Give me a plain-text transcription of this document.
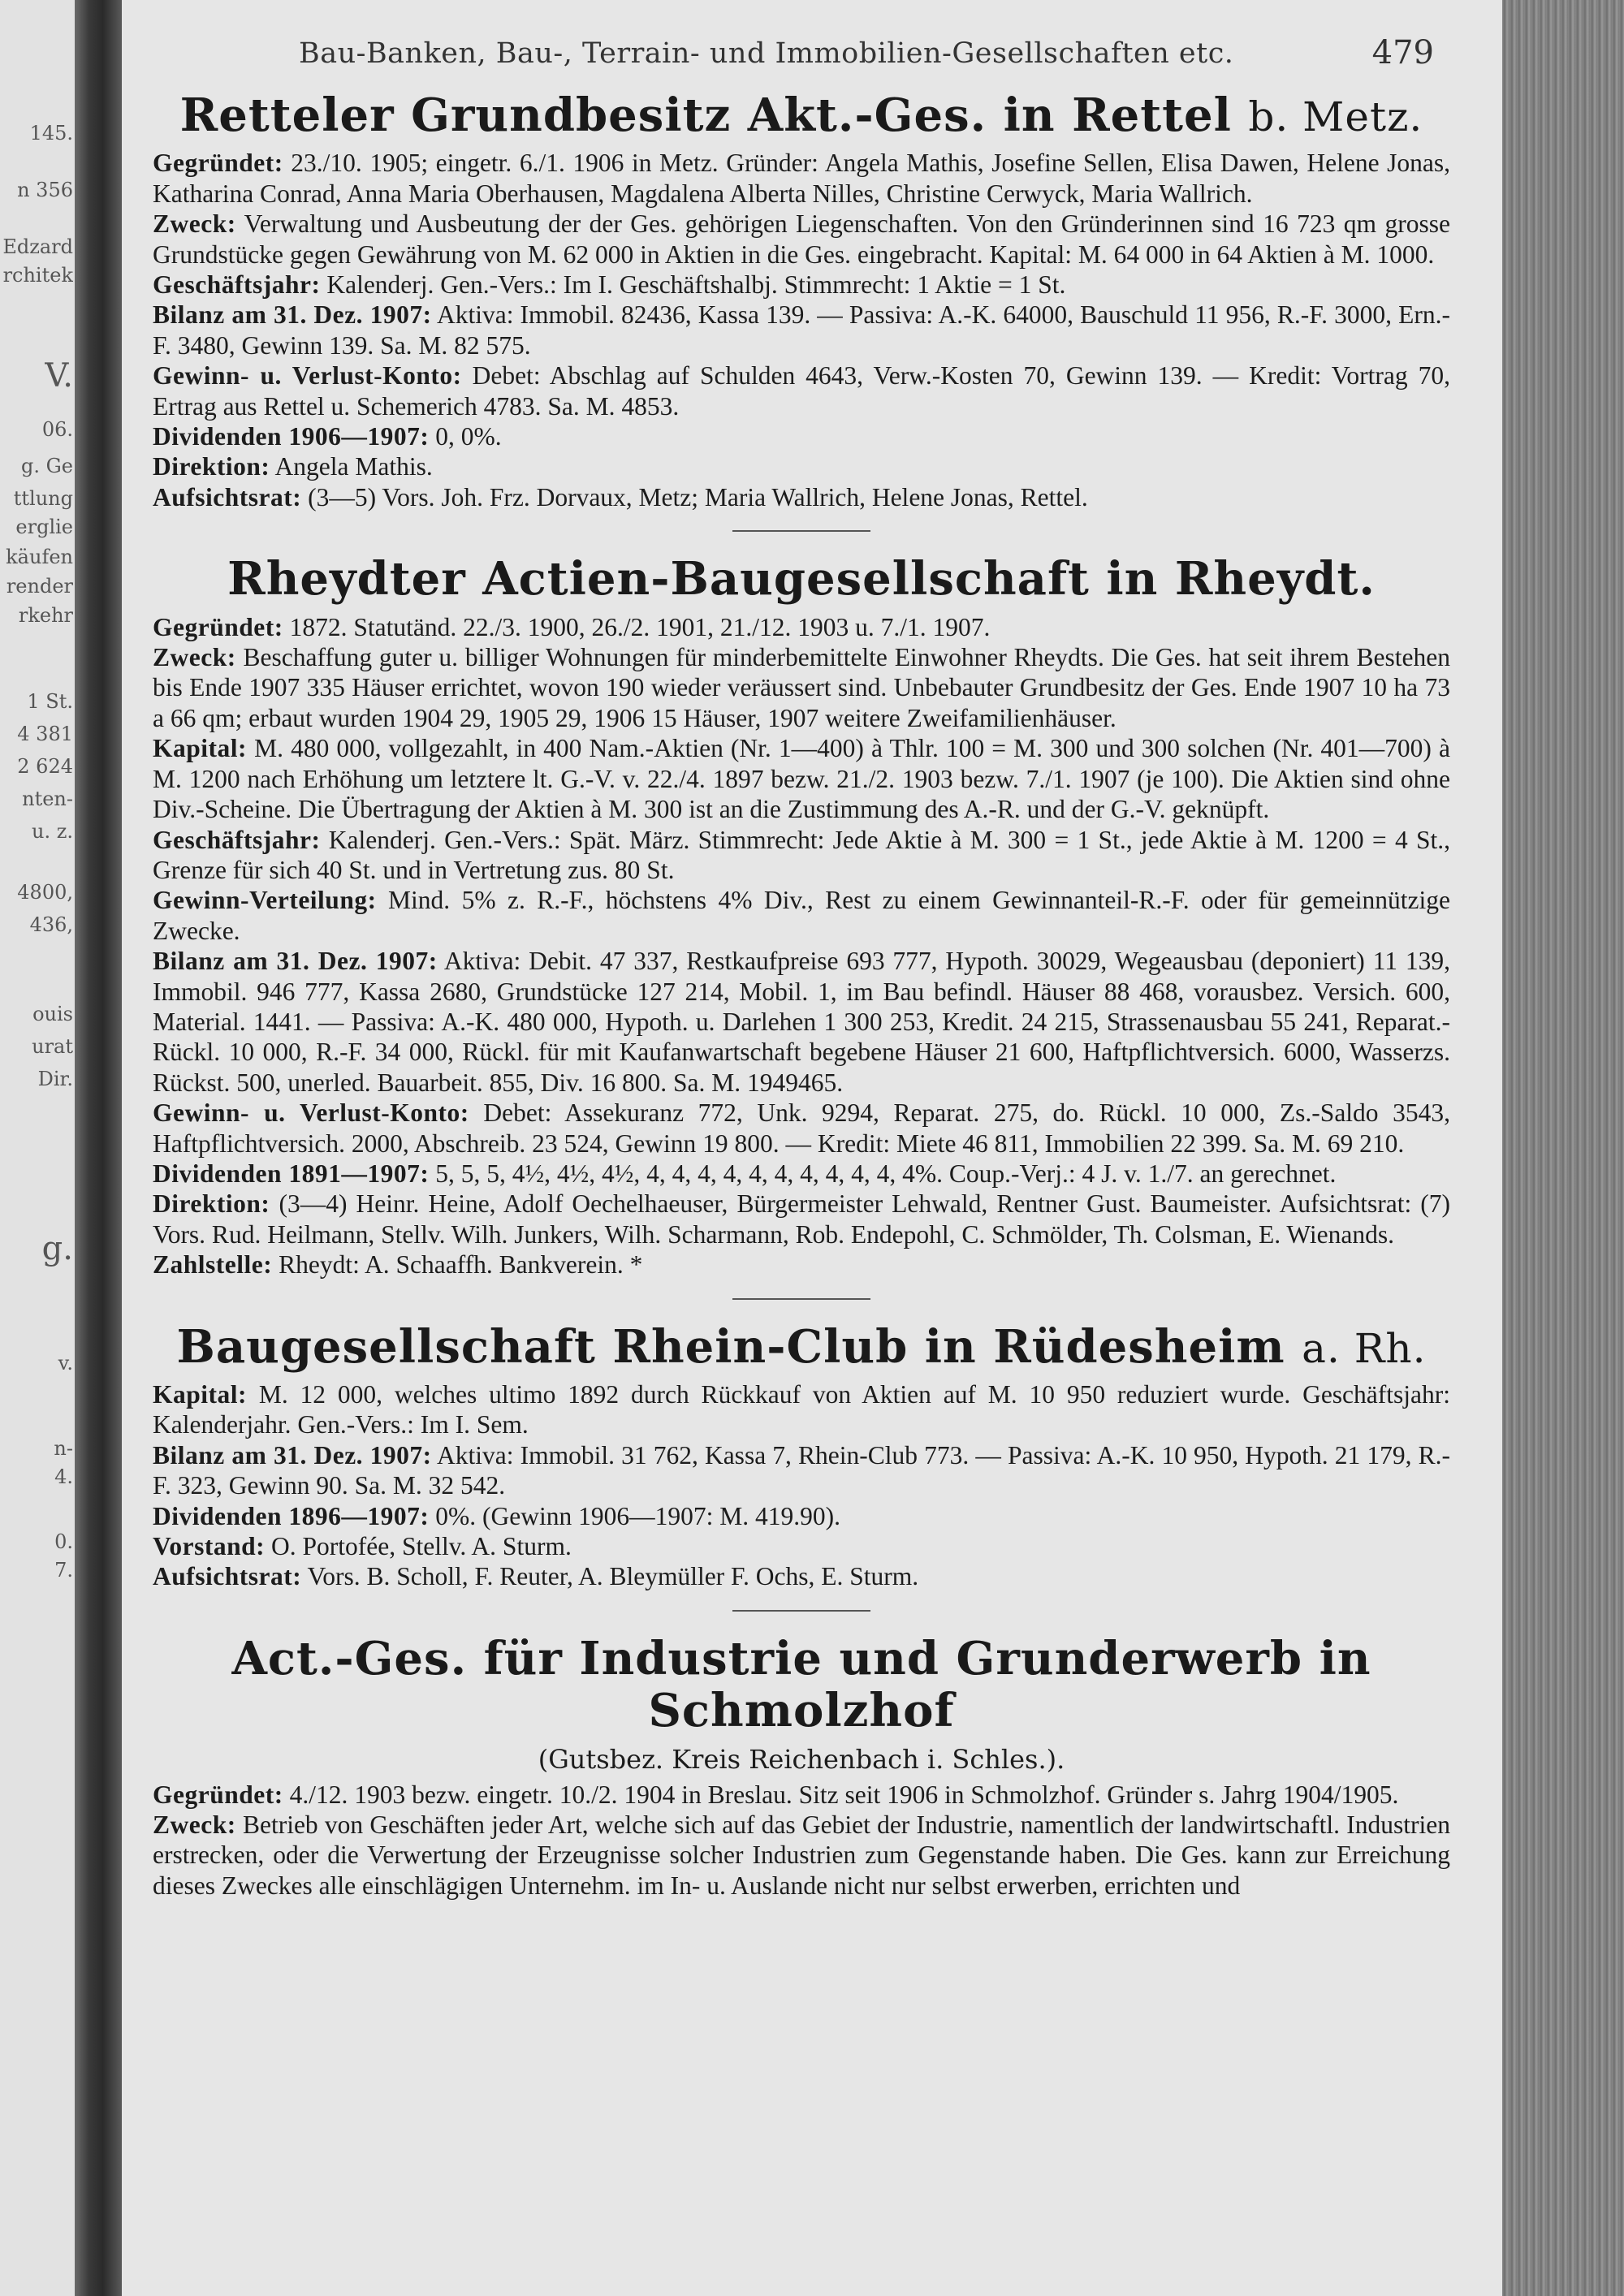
145.
n 356
Edzard
rchitek
V.
06.
g. Ge
ttlung
erglie
käufen
render
rkehr
1 St.
4 381
2 624
nten-
u. z.
4800,
436,
ouis
urat
Dir.
g.
v.
n-
4.
0.
7.
Bau-Banken, Bau-, Terrain- und Immobilien-Gesellschaften etc.	479
Retteler Grundbesitz Akt.-Ges. in Rettel b. Metz.

Gegründet: 23./10. 1905; eingetr. 6./1. 1906 in Metz. Gründer: Angela Mathis, Josefine Sellen, Elisa Dawen, Helene Jonas, Katharina Conrad, Anna Maria Oberhausen, Magdalena Alberta Nilles, Christine Cerwyck, Maria Wallrich.

Zweck: Verwaltung und Ausbeutung der der Ges. gehörigen Liegenschaften. Von den Gründerinnen sind 16 723 qm grosse Grundstücke gegen Gewährung von M. 62 000 in Aktien in die Ges. eingebracht. Kapital: M. 64 000 in 64 Aktien à M. 1000.

Geschäftsjahr: Kalenderj. Gen.-Vers.: Im I. Geschäftshalbj. Stimmrecht: 1 Aktie = 1 St.

Bilanz am 31. Dez. 1907: Aktiva: Immobil. 82436, Kassa 139. — Passiva: A.-K. 64000, Bauschuld 11 956, R.-F. 3000, Ern.-F. 3480, Gewinn 139. Sa. M. 82 575.

Gewinn- u. Verlust-Konto: Debet: Abschlag auf Schulden 4643, Verw.-Kosten 70, Gewinn 139. — Kredit: Vortrag 70, Ertrag aus Rettel u. Schemerich 4783. Sa. M. 4853.

Dividenden 1906—1907: 0, 0%.

Direktion: Angela Mathis.

Aufsichtsrat: (3—5) Vors. Joh. Frz. Dorvaux, Metz; Maria Wallrich, Helene Jonas, Rettel.

Rheydter Actien-Baugesellschaft in Rheydt.

Gegründet: 1872. Statutänd. 22./3. 1900, 26./2. 1901, 21./12. 1903 u. 7./1. 1907.

Zweck: Beschaffung guter u. billiger Wohnungen für minderbemittelte Einwohner Rheydts. Die Ges. hat seit ihrem Bestehen bis Ende 1907 335 Häuser errichtet, wovon 190 wieder veräussert sind. Unbebauter Grundbesitz der Ges. Ende 1907 10 ha 73 a 66 qm; erbaut wurden 1904 29, 1905 29, 1906 15 Häuser, 1907 weitere Zweifamilienhäuser.

Kapital: M. 480 000, vollgezahlt, in 400 Nam.-Aktien (Nr. 1—400) à Thlr. 100 = M. 300 und 300 solchen (Nr. 401—700) à M. 1200 nach Erhöhung um letztere lt. G.-V. v. 22./4. 1897 bezw. 21./2. 1903 bezw. 7./1. 1907 (je 100). Die Aktien sind ohne Div.-Scheine. Die Übertragung der Aktien à M. 300 ist an die Zustimmung des A.-R. und der G.-V. geknüpft.

Geschäftsjahr: Kalenderj. Gen.-Vers.: Spät. März. Stimmrecht: Jede Aktie à M. 300 = 1 St., jede Aktie à M. 1200 = 4 St., Grenze für sich 40 St. und in Vertretung zus. 80 St.

Gewinn-Verteilung: Mind. 5% z. R.-F., höchstens 4% Div., Rest zu einem Gewinnanteil-R.-F. oder für gemeinnützige Zwecke.

Bilanz am 31. Dez. 1907: Aktiva: Debit. 47 337, Restkaufpreise 693 777, Hypoth. 30029, Wegeausbau (deponiert) 11 139, Immobil. 946 777, Kassa 2680, Grundstücke 127 214, Mobil. 1, im Bau befindl. Häuser 88 468, vorausbez. Versich. 600, Material. 1441. — Passiva: A.-K. 480 000, Hypoth. u. Darlehen 1 300 253, Kredit. 24 215, Strassenausbau 55 241, Reparat.-Rückl. 10 000, R.-F. 34 000, Rückl. für mit Kaufanwartschaft begebene Häuser 21 600, Haftpflichtversich. 6000, Wasserzs. Rückst. 500, unerled. Bauarbeit. 855, Div. 16 800. Sa. M. 1949465.

Gewinn- u. Verlust-Konto: Debet: Assekuranz 772, Unk. 9294, Reparat. 275, do. Rückl. 10 000, Zs.-Saldo 3543, Haftpflichtversich. 2000, Abschreib. 23 524, Gewinn 19 800. — Kredit: Miete 46 811, Immobilien 22 399. Sa. M. 69 210.

Dividenden 1891—1907: 5, 5, 5, 4½, 4½, 4½, 4, 4, 4, 4, 4, 4, 4, 4, 4, 4, 4%. Coup.-Verj.: 4 J. v. 1./7. an gerechnet.

Direktion: (3—4) Heinr. Heine, Adolf Oechelhaeuser, Bürgermeister Lehwald, Rentner Gust. Baumeister. Aufsichtsrat: (7) Vors. Rud. Heilmann, Stellv. Wilh. Junkers, Wilh. Scharmann, Rob. Endepohl, C. Schmölder, Th. Colsman, E. Wienands.

Zahlstelle: Rheydt: A. Schaaffh. Bankverein. *

Baugesellschaft Rhein-Club in Rüdesheim a. Rh.

Kapital: M. 12 000, welches ultimo 1892 durch Rückkauf von Aktien auf M. 10 950 reduziert wurde. Geschäftsjahr: Kalenderjahr. Gen.-Vers.: Im I. Sem.

Bilanz am 31. Dez. 1907: Aktiva: Immobil. 31 762, Kassa 7, Rhein-Club 773. — Passiva: A.-K. 10 950, Hypoth. 21 179, R.-F. 323, Gewinn 90. Sa. M. 32 542.

Dividenden 1896—1907: 0%. (Gewinn 1906—1907: M. 419.90).

Vorstand: O. Portofée, Stellv. A. Sturm.

Aufsichtsrat: Vors. B. Scholl, F. Reuter, A. Bleymüller F. Ochs, E. Sturm.

Act.-Ges. für Industrie und Grunderwerb in Schmolzhof
(Gutsbez. Kreis Reichenbach i. Schles.).

Gegründet: 4./12. 1903 bezw. eingetr. 10./2. 1904 in Breslau. Sitz seit 1906 in Schmolzhof. Gründer s. Jahrg 1904/1905.

Zweck: Betrieb von Geschäften jeder Art, welche sich auf das Gebiet der Industrie, namentlich der landwirtschaftl. Industrien erstrecken, oder die Verwertung der Erzeugnisse solcher Industrien zum Gegenstande haben. Die Ges. kann zur Erreichung dieses Zweckes alle einschlägigen Unternehm. im In- u. Auslande nicht nur selbst erwerben, errichten und
